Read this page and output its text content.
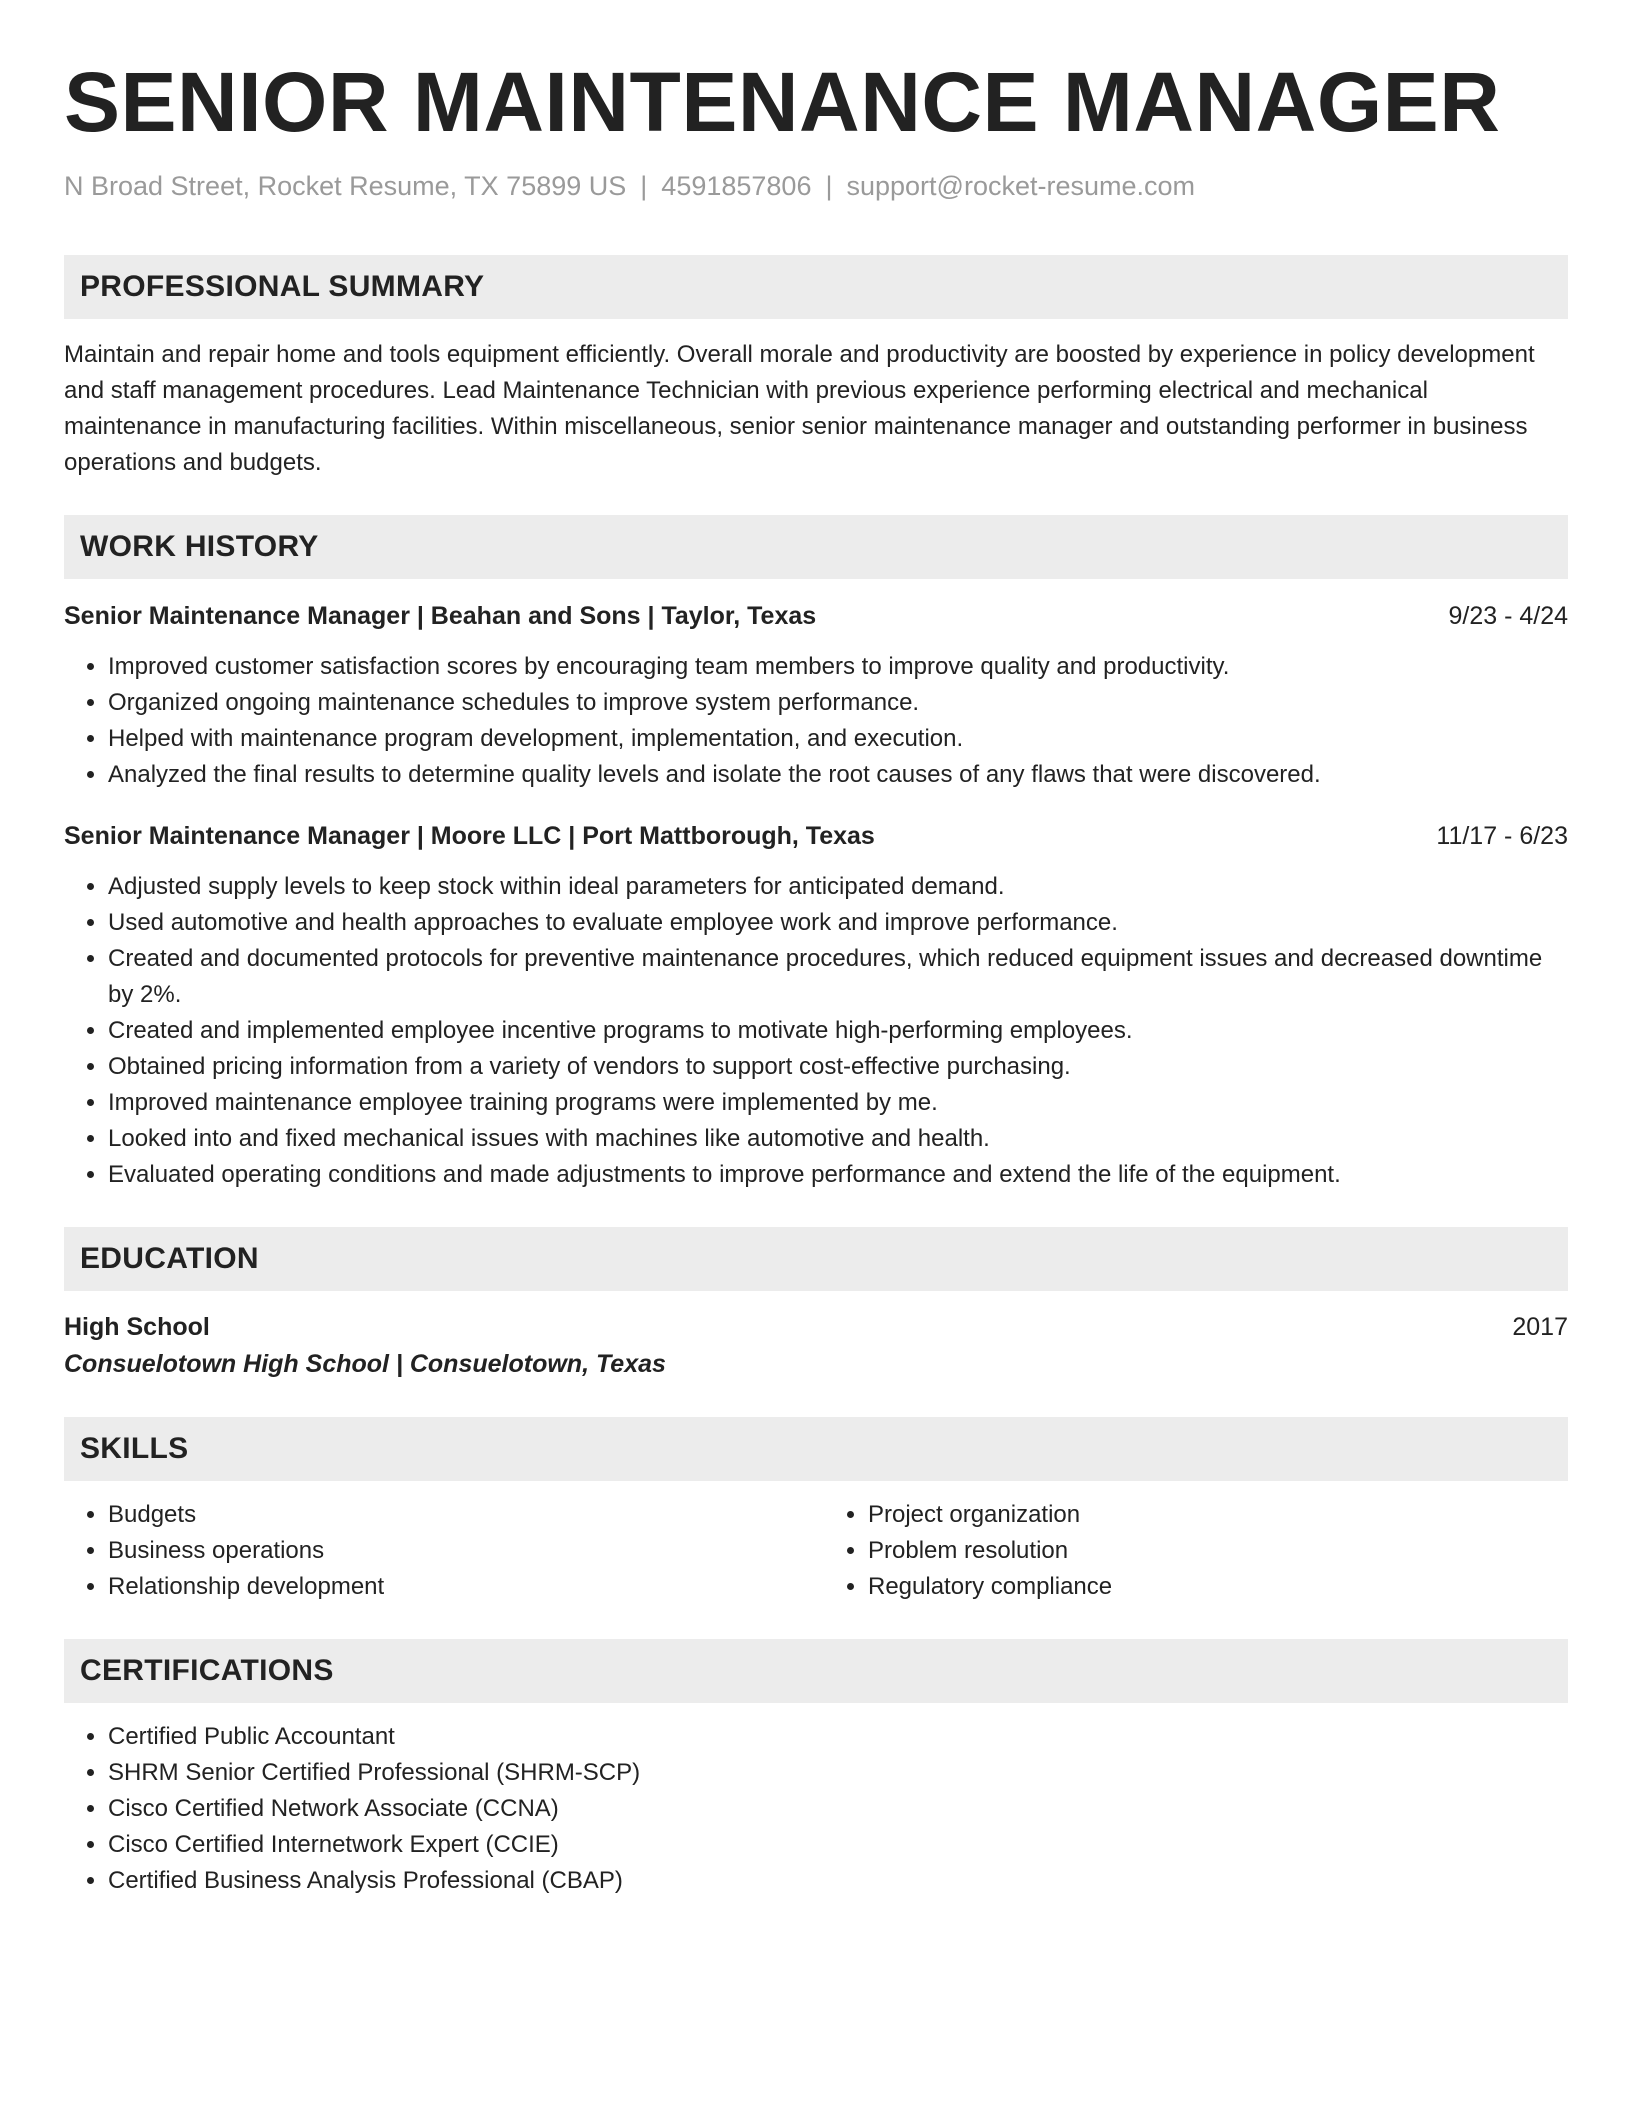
SENIOR MAINTENANCE MANAGER
N Broad Street, Rocket Resume, TX 75899 US | 4591857806 | support@rocket-resume.com
PROFESSIONAL SUMMARY
Maintain and repair home and tools equipment efficiently. Overall morale and productivity are boosted by experience in policy development and staff management procedures. Lead Maintenance Technician with previous experience performing electrical and mechanical maintenance in manufacturing facilities. Within miscellaneous, senior senior maintenance manager and outstanding performer in business operations and budgets.
WORK HISTORY
Senior Maintenance Manager | Beahan and Sons | Taylor, Texas	9/23 - 4/24
• Improved customer satisfaction scores by encouraging team members to improve quality and productivity.
• Organized ongoing maintenance schedules to improve system performance.
• Helped with maintenance program development, implementation, and execution.
• Analyzed the final results to determine quality levels and isolate the root causes of any flaws that were discovered.
Senior Maintenance Manager | Moore LLC | Port Mattborough, Texas	11/17 - 6/23
• Adjusted supply levels to keep stock within ideal parameters for anticipated demand.
• Used automotive and health approaches to evaluate employee work and improve performance.
• Created and documented protocols for preventive maintenance procedures, which reduced equipment issues and decreased downtime by 2%.
• Created and implemented employee incentive programs to motivate high-performing employees.
• Obtained pricing information from a variety of vendors to support cost-effective purchasing.
• Improved maintenance employee training programs were implemented by me.
• Looked into and fixed mechanical issues with machines like automotive and health.
• Evaluated operating conditions and made adjustments to improve performance and extend the life of the equipment.
EDUCATION
High School	2017
Consuelotown High School | Consuelotown, Texas
SKILLS
• Budgets
• Business operations
• Relationship development
• Project organization
• Problem resolution
• Regulatory compliance
CERTIFICATIONS
• Certified Public Accountant
• SHRM Senior Certified Professional (SHRM-SCP)
• Cisco Certified Network Associate (CCNA)
• Cisco Certified Internetwork Expert (CCIE)
• Certified Business Analysis Professional (CBAP)
